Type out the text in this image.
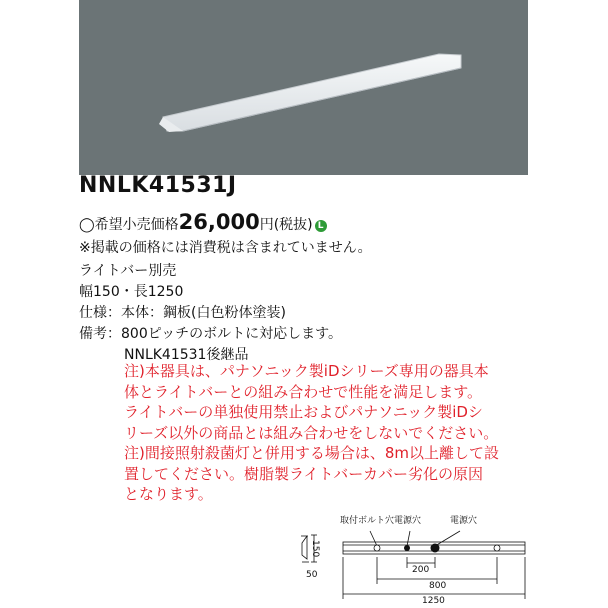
NNLK41531J
◯希望小売価格26,000円(税抜) L
※掲載の価格には消費税は含まれていません。
ライトバー別売
幅150・長1250
仕様：本体：鋼板(白色粉体塗装)
備考：800ピッチのボルトに対応します。
NNLK41531後継品
注)本器具は、パナソニック製iDシリーズ専用の器具本
体とライトバーとの組み合わせで性能を満足します。
ライトバーの単独使用禁止およびパナソニック製iDシ
リーズ以外の商品とは組み合わせをしないでください。
注)間接照射殺菌灯と併用する場合は、8m以上離して設
置してください。樹脂製ライトバーカバー劣化の原因
となります。
取付ボルト穴 電源穴	電源穴
150
50	200
800
1250
